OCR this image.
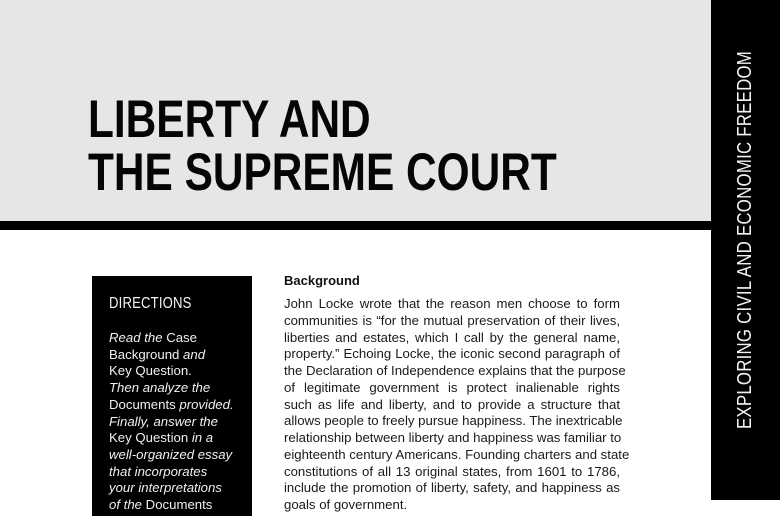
LIBERTY AND
THE SUPREME COURT	EXPLORING CIVIL AND ECONOMIC FREEDOM
DIRECTIONS
Read the Case
Background and
Key Question.
Then analyze the
Documents provided.
Finally, answer the
Key Question in a
well-organized essay
that incorporates
your interpretations
of the Documents
Background
John Locke wrote that the reason men choose to form
communities is “for the mutual preservation of their lives,
liberties and estates, which I call by the general name,
property.” Echoing Locke, the iconic second paragraph of
the Declaration of Independence explains that the purpose
of legitimate government is protect inalienable rights
such as life and liberty, and to provide a structure that
allows people to freely pursue happiness. The inextricable
relationship between liberty and happiness was familiar to
eighteenth century Americans. Founding charters and state
constitutions of all 13 original states, from 1601 to 1786,
include the promotion of liberty, safety, and happiness as
goals of government.
